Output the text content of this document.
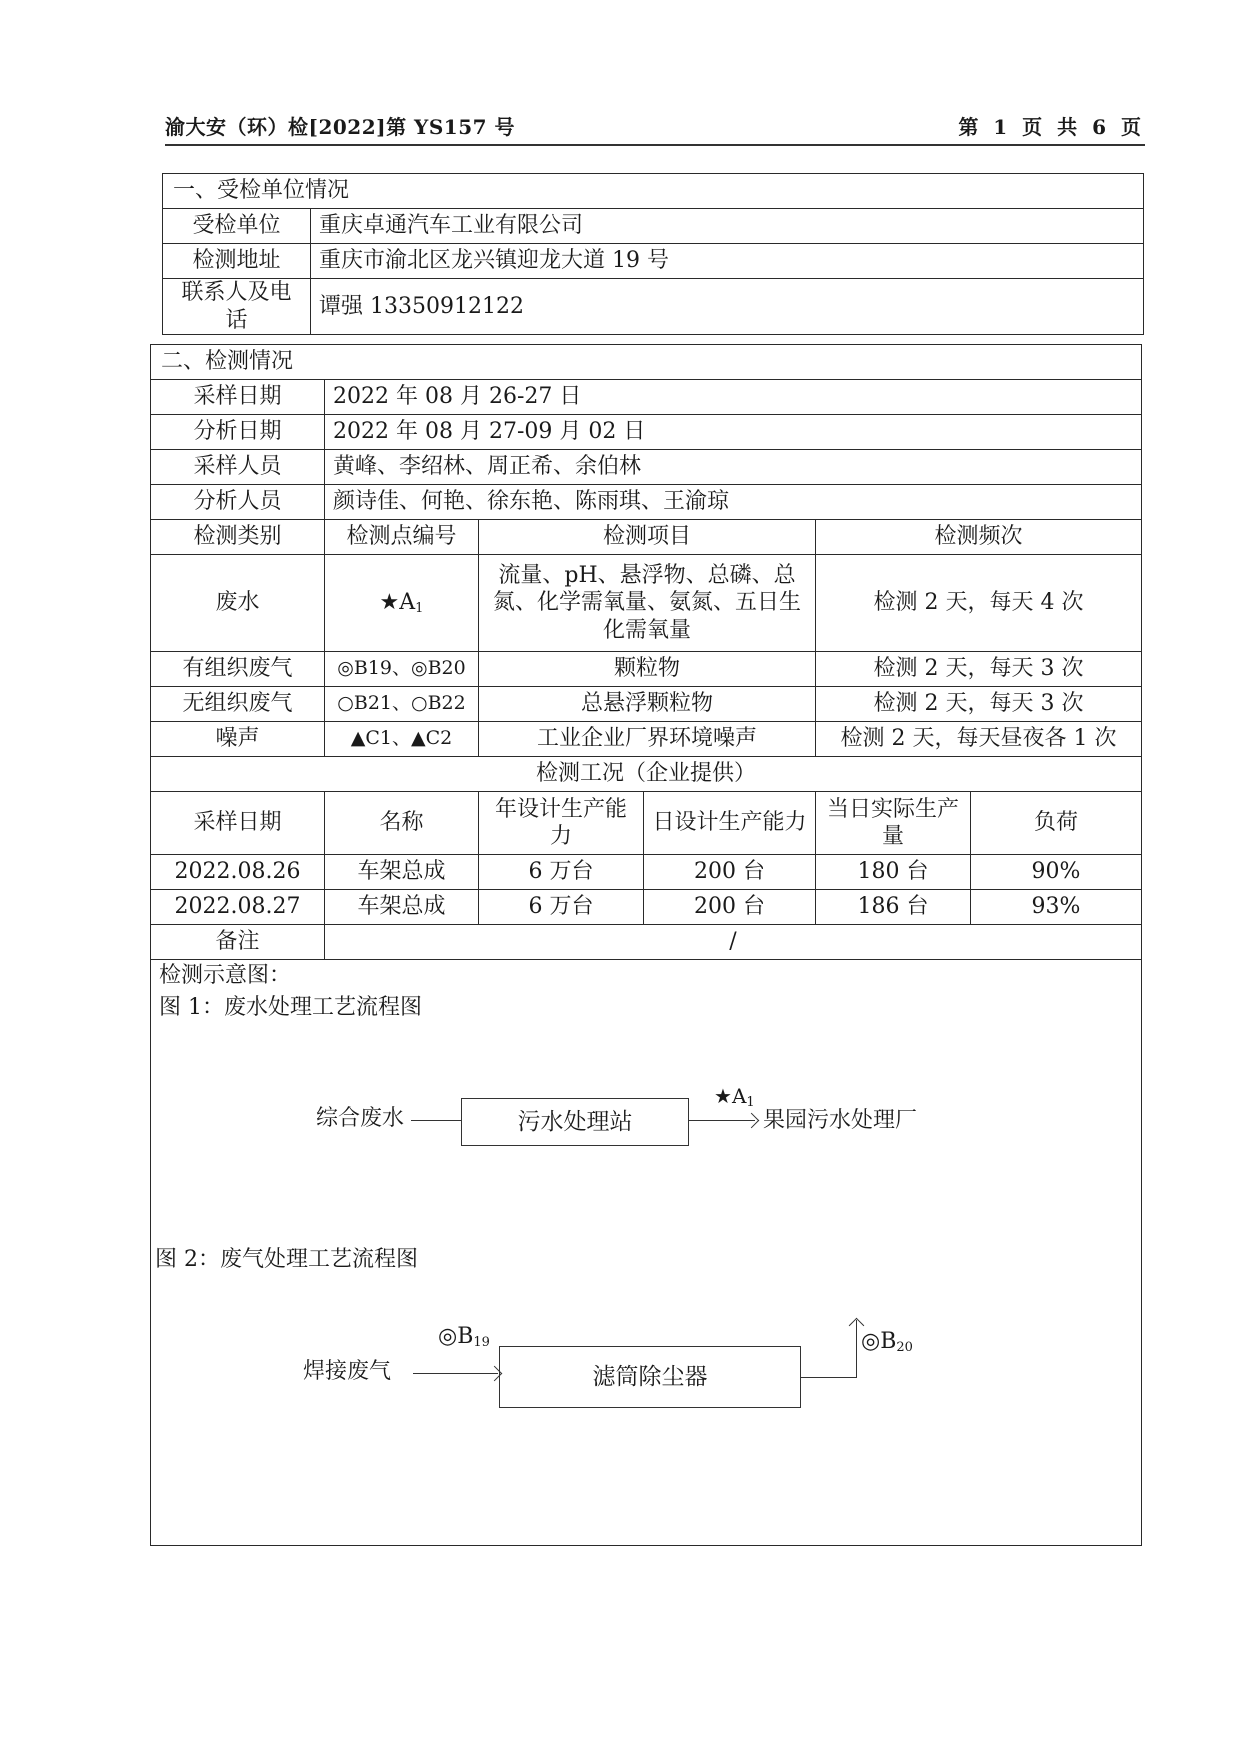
渝大安（环）检[2022]第 YS157 号	第 1 页 共 6 页
一、受检单位情况	
受检单位	重庆卓通汽车工业有限公司
检测地址	重庆市渝北区龙兴镇迎龙大道 19 号
联系人及电话	谭强 13350912122
二、检测情况					
采样日期	2022 年 08 月 26-27 日				
分析日期	2022 年 08 月 27-09 月 02 日				
采样人员	黄峰、李绍林、周正希、余伯林				
分析人员	颜诗佳、何艳、徐东艳、陈雨琪、王渝琼				
检测类别	检测点编号	检测项目		检测频次	
废水	$★A_1$	流量、pH、悬浮物、总磷、总氮、化学需氧量、氨氮、五日生化需氧量		检测 2 天，每天 4 次	
有组织废气	◎B19、◎B20	颗粒物		检测 2 天，每天 3 次	
无组织废气	○B21、○B22	总悬浮颗粒物		检测 2 天，每天 3 次	
噪声	▲C1、▲C2	工业企业厂界环境噪声		检测 2 天，每天昼夜各 1 次	
检测工况（企业提供）					
采样日期	名称	年设计生产能力	日设计生产能力	当日实际生产量	负荷
2022.08.26	车架总成	6 万台	200 台	180 台	90%
2022.08.27	车架总成	6 万台	200 台	186 台	93%
备注	/				

检测示意图：
图 1：废水处理工艺流程图
综合废水	污水处理站
$★A_1$
果园污水处理厂
图 2：废气处理工艺流程图
焊接废气
$◎B_{19}$
滤筒除尘器
$◎B_{20}$
